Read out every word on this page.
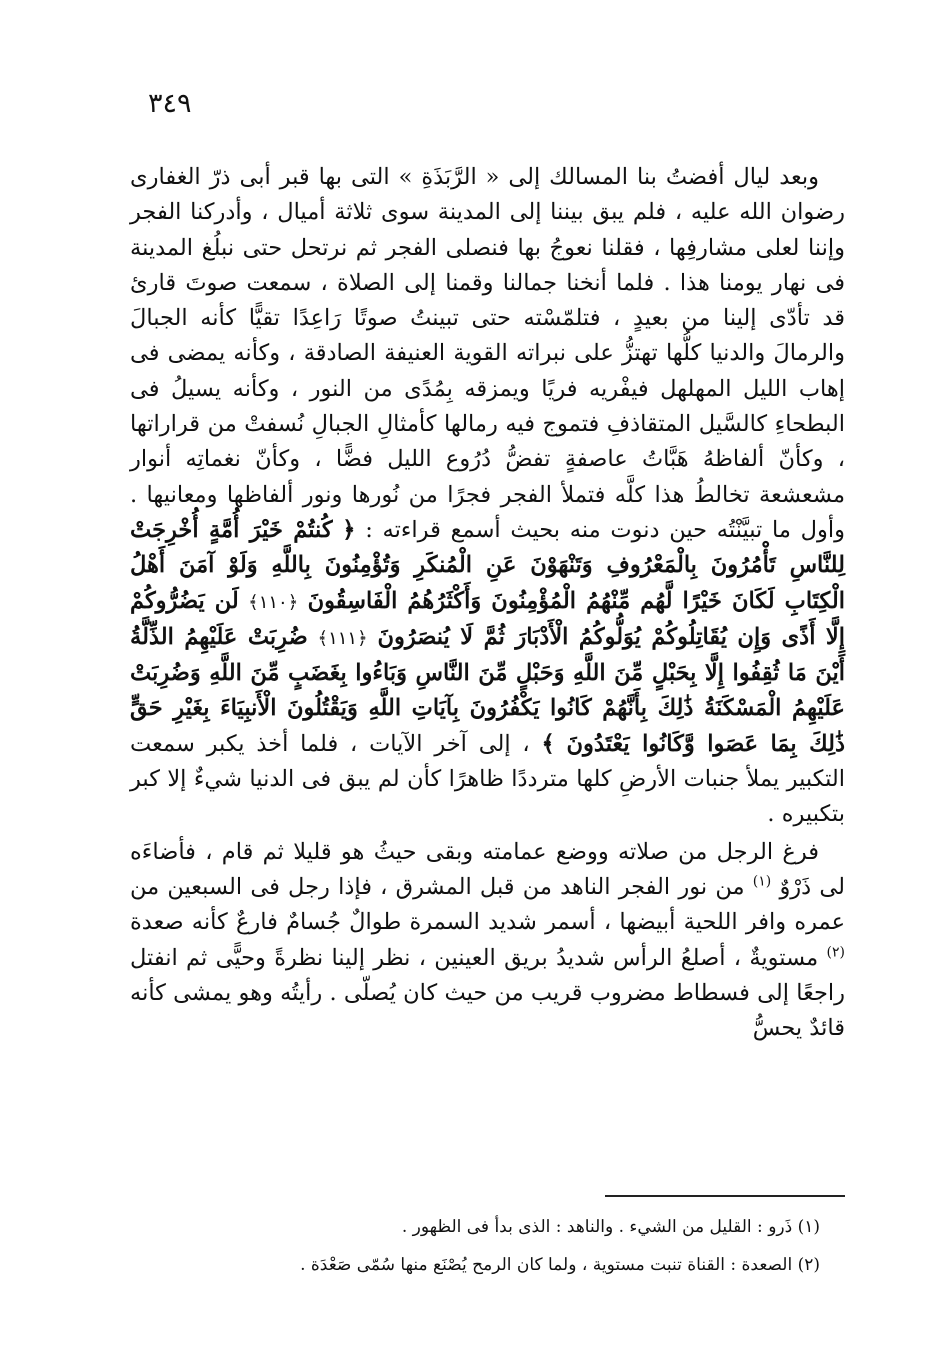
٣٤٩

وبعد ليال أفضتُ بنا المسالك إلى « الرَّبَذَةِ » التى بها قبر أبى ذرّ الغفارى رضوان الله عليه ، فلم يبق بيننا إلى المدينة سوى ثلاثة أميال ، وأدركنا الفجر وإننا لعلى مشارفِها ، فقلنا نعوجُ بها فنصلى الفجر ثم نرتحل حتى نبلُغ المدينة فى نهار يومنا هذا . فلما أنخنا جمالنا وقمنا إلى الصلاة ، سمعت صوتَ قارئ قد تأدّى إلينا من بعيدٍ ، فتلمّسْته حتى تبينتُ صوتًا رَاعِدًا تقيًّا كأنه الجبالَ والرمالَ والدنيا كلُّها تهتزُّ على نبراته القوية العنيفة الصادقة ، وكأنه يمضى فى إهاب الليل المهلهل فيفْريه فريًا ويمزقه بِمُدًى من النور ، وكأنه يسيلُ فى البطحاءِ كالسَّيل المتقاذفِ فتموج فيه رمالها كأمثالِ الجبالِ نُسفتْ من قراراتها ، وكأنّ ألفاظهُ هَبَّاتُ عاصفةٍ تفضُّ دُرُوع الليل فضًّا ، وكأنّ نغماتِه أنوار مشعشعة تخالطُ هذا كلَّه فتملأ الفجر فجرًا من نُورها ونور ألفاظها ومعانيها . وأول ما تبيَّنْتُه حين دنوت منه بحيث أسمع قراءته : ﴿ كُنتُمْ خَيْرَ أُمَّةٍ أُخْرِجَتْ لِلنَّاسِ تَأْمُرُونَ بِالْمَعْرُوفِ وَتَنْهَوْنَ عَنِ الْمُنكَرِ وَتُؤْمِنُونَ بِاللَّهِ وَلَوْ آمَنَ أَهْلُ الْكِتَابِ لَكَانَ خَيْرًا لَّهُم مِّنْهُمُ الْمُؤْمِنُونَ وَأَكْثَرُهُمُ الْفَاسِقُونَ ﴿١١٠﴾ لَن يَضُرُّوكُمْ إِلَّا أَذًى وَإِن يُقَاتِلُوكُمْ يُوَلُّوكُمُ الْأَدْبَارَ ثُمَّ لَا يُنصَرُونَ ﴿١١١﴾ ضُرِبَتْ عَلَيْهِمُ الذِّلَّةُ أَيْنَ مَا ثُقِفُوا إِلَّا بِحَبْلٍ مِّنَ اللَّهِ وَحَبْلٍ مِّنَ النَّاسِ وَبَاءُوا بِغَضَبٍ مِّنَ اللَّهِ وَضُرِبَتْ عَلَيْهِمُ الْمَسْكَنَةُ ذَٰلِكَ بِأَنَّهُمْ كَانُوا يَكْفُرُونَ بِآيَاتِ اللَّهِ وَيَقْتُلُونَ الْأَنبِيَاءَ بِغَيْرِ حَقٍّ ذَٰلِكَ بِمَا عَصَوا وَّكَانُوا يَعْتَدُونَ ﴾ ، إلى آخر الآيات ، فلما أخذ يكبر سمعت التكبير يملأ جنبات الأرضِ كلها مترددًا ظاهرًا كأن لم يبق فى الدنيا شيءٌ إلا كبر بتكبيره .

فرغ الرجل من صلاته ووضع عمامته وبقى حيثُ هو قليلا ثم قام ، فأضاءَه لى ذَرْوٌ $^{(١)}$ من نور الفجر الناهد من قبل المشرق ، فإذا رجل فى السبعين من عمره وافر اللحية أبيضها ، أسمر شديد السمرة طوالٌ جُسامٌ فارعٌ كأنه صعدة $^{(٢)}$ مستويةٌ ، أصلعُ الرأس شديدُ بريق العينين ، نظر إلينا نظرةً وحيًّى ثم انفتل راجعًا إلى فسطاط مضروب قريب من حيث كان يُصلّى . رأيتُه وهو يمشى كأنه قائدٌ يحسُّ

(١) ذَرو : القليل من الشيء . والناهد : الذى بدأ فى الظهور .

(٢) الصعدة : القناة تنبت مستوية ، ولما كان الرمح يُصْنَع منها سُمّى صَعْدَة .
